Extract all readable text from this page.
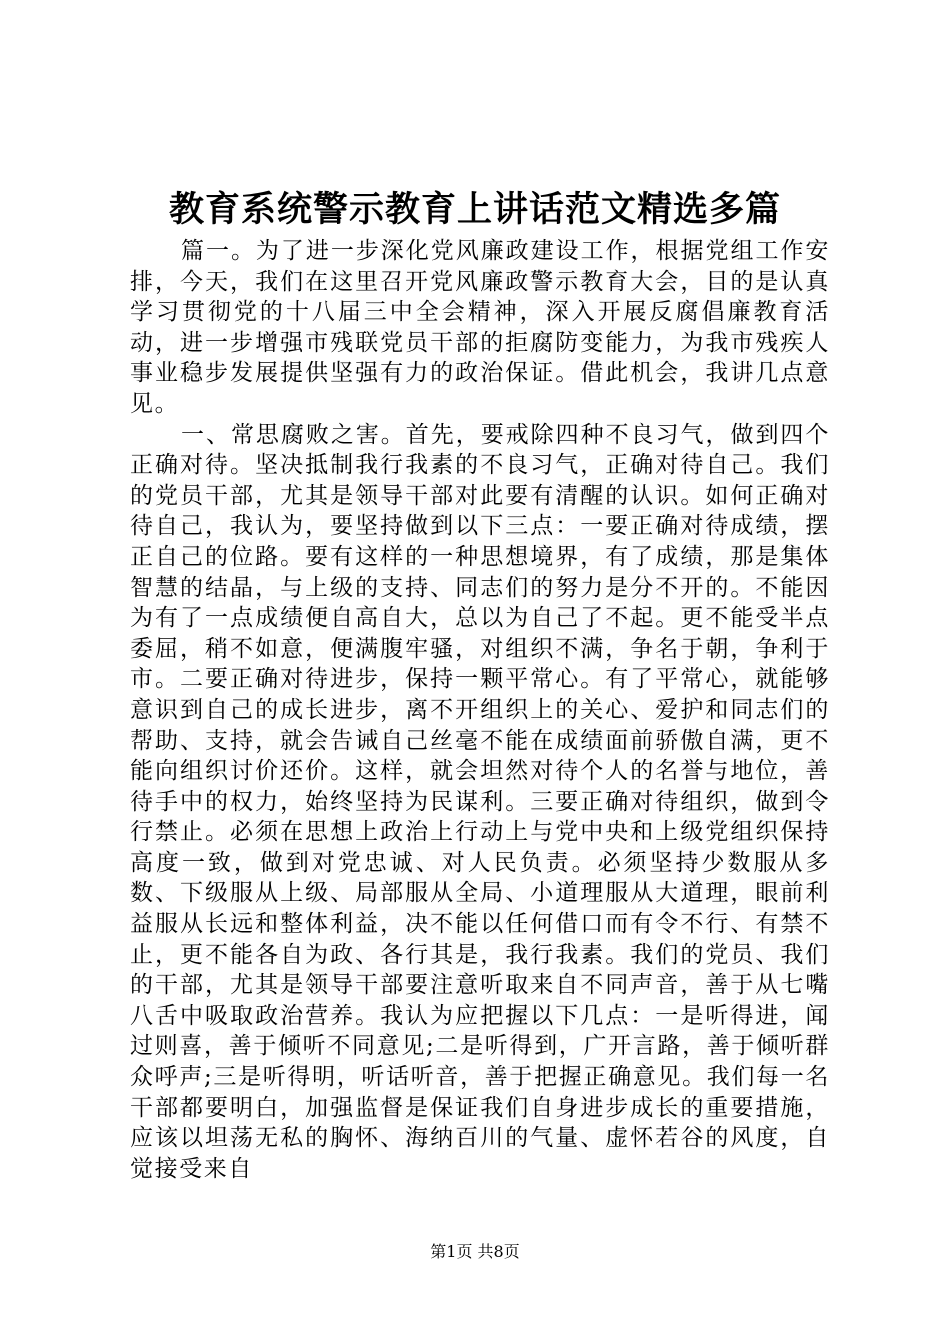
教育系统警示教育上讲话范文精选多篇

篇一。为了进一步深化党风廉政建设工作，根据党组工作安排，今天，我们在这里召开党风廉政警示教育大会，目的是认真学习贯彻党的十八届三中全会精神，深入开展反腐倡廉教育活动，进一步增强市残联党员干部的拒腐防变能力，为我市残疾人事业稳步发展提供坚强有力的政治保证。借此机会，我讲几点意见。

一、常思腐败之害。首先，要戒除四种不良习气，做到四个正确对待。坚决抵制我行我素的不良习气，正确对待自己。我们的党员干部，尤其是领导干部对此要有清醒的认识。如何正确对待自己，我认为，要坚持做到以下三点：一要正确对待成绩，摆正自己的位路。要有这样的一种思想境界，有了成绩，那是集体智慧的结晶，与上级的支持、同志们的努力是分不开的。不能因为有了一点成绩便自高自大，总以为自己了不起。更不能受半点委屈，稍不如意，便满腹牢骚，对组织不满，争名于朝，争利于市。二要正确对待进步，保持一颗平常心。有了平常心，就能够意识到自己的成长进步，离不开组织上的关心、爱护和同志们的帮助、支持，就会告诫自己丝毫不能在成绩面前骄傲自满，更不能向组织讨价还价。这样，就会坦然对待个人的名誉与地位，善待手中的权力，始终坚持为民谋利。三要正确对待组织，做到令行禁止。必须在思想上政治上行动上与党中央和上级党组织保持高度一致，做到对党忠诚、对人民负责。必须坚持少数服从多数、下级服从上级、局部服从全局、小道理服从大道理，眼前利益服从长远和整体利益，决不能以任何借口而有令不行、有禁不止，更不能各自为政、各行其是，我行我素。我们的党员、我们的干部，尤其是领导干部要注意听取来自不同声音，善于从七嘴八舌中吸取政治营养。我认为应把握以下几点：一是听得进，闻过则喜，善于倾听不同意见;二是听得到，广开言路，善于倾听群众呼声;三是听得明，听话听音，善于把握正确意见。我们每一名干部都要明白，加强监督是保证我们自身进步成长的重要措施，应该以坦荡无私的胸怀、海纳百川的气量、虚怀若谷的风度，自觉接受来自

第1页 共8页
